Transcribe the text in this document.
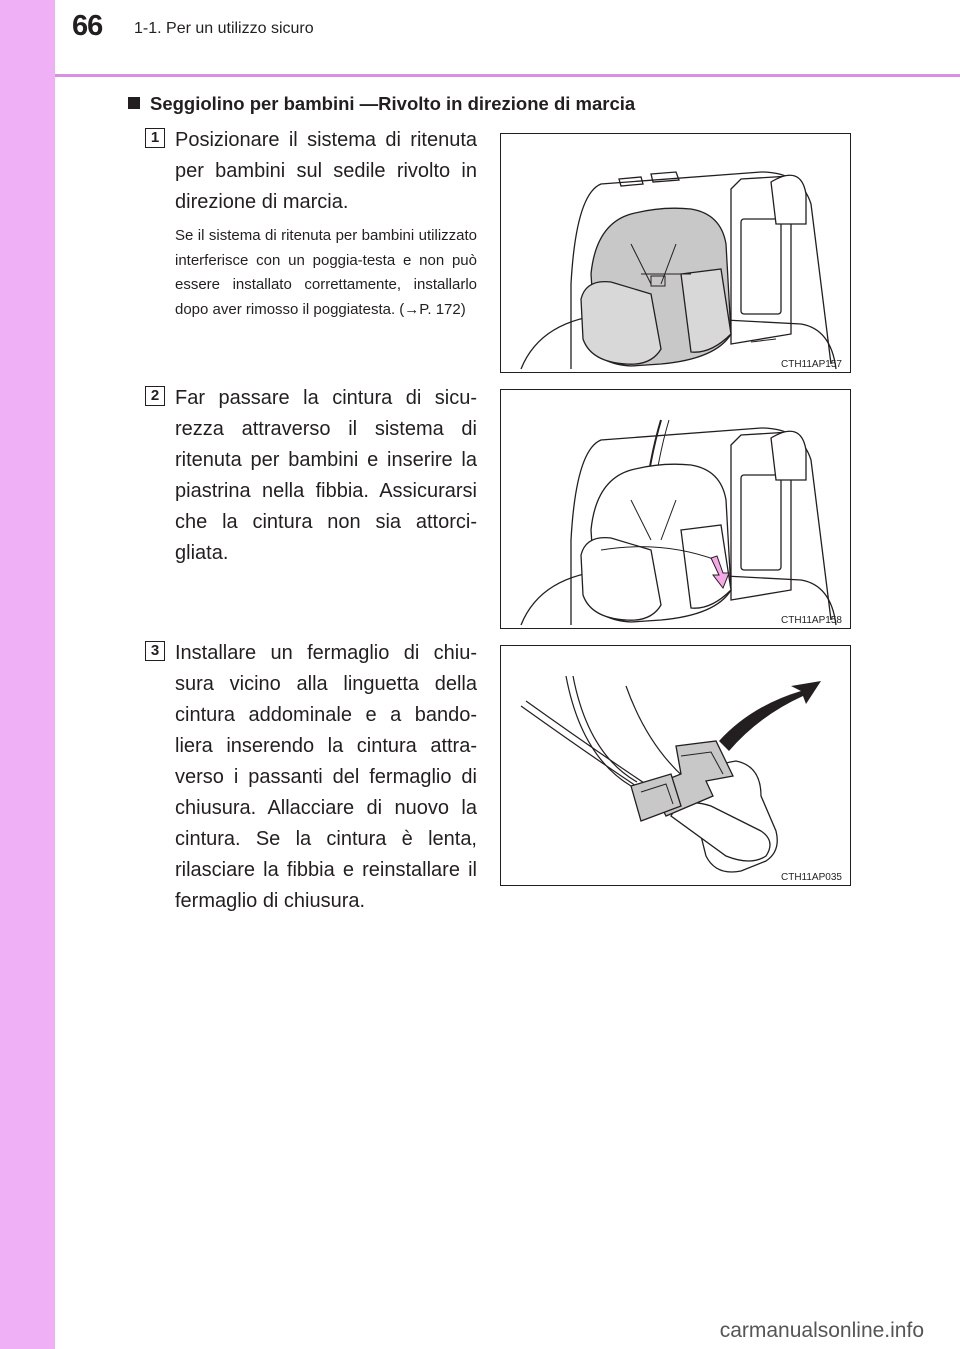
66 1-1. Per un utilizzo sicuro
Seggiolino per bambini —Rivolto in direzione di marcia
1 Posizionare il sistema di ritenuta per bambini sul sedile rivolto in direzione di marcia.
Se il sistema di ritenuta per bambini utilizzato interferisce con un poggia-testa e non può essere installato correttamente, installarlo dopo aver rimosso il poggiatesta. (→P. 172)
CTH11AP157
2 Far passare la cintura di sicu-rezza attraverso il sistema di ritenuta per bambini e inserire la piastrina nella fibbia. Assicurarsi che la cintura non sia attorci-gliata.
CTH11AP158
3 Installare un fermaglio di chiu-sura vicino alla linguetta della cintura addominale e a bando-liera inserendo la cintura attra-verso i passanti del fermaglio di chiusura. Allacciare di nuovo la cintura. Se la cintura è lenta, rilasciare la fibbia e reinstallare il fermaglio di chiusura.
CTH11AP035
carmanualsonline.info
